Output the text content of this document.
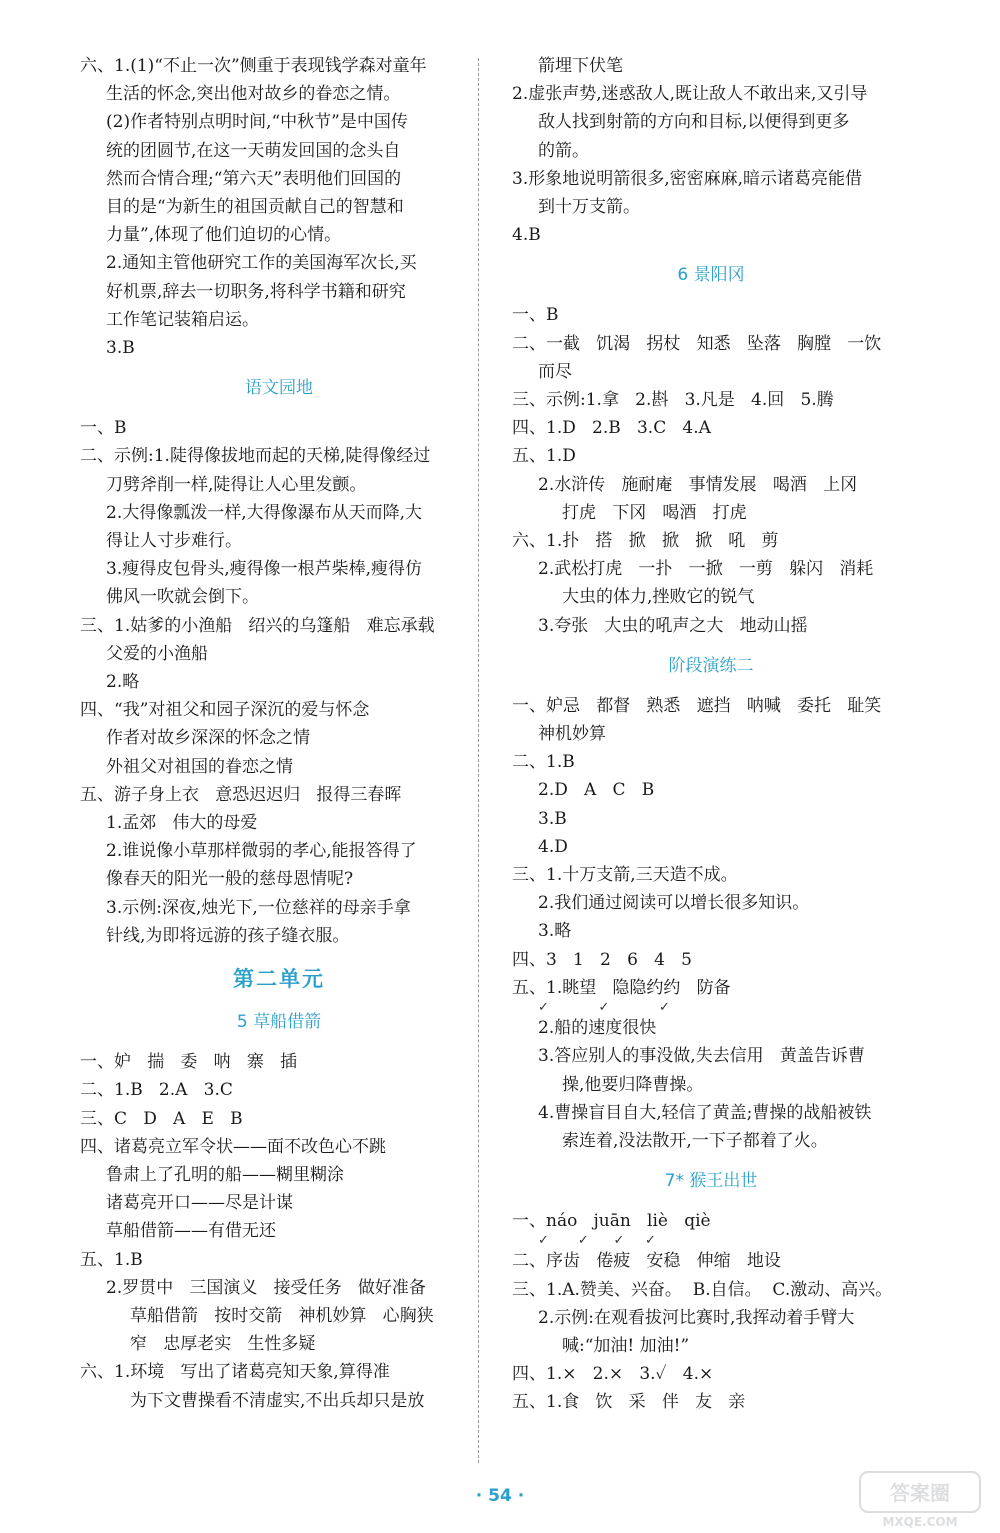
六、1.(1)“不止一次”侧重于表现钱学森对童年
生活的怀念,突出他对故乡的眷恋之情。
(2)作者特别点明时间,“中秋节”是中国传
统的团圆节,在这一天萌发回国的念头自
然而合情合理;“第六天”表明他们回国的
目的是“为新生的祖国贡献自己的智慧和
力量”,体现了他们迫切的心情。
2.通知主管他研究工作的美国海军次长,买
好机票,辞去一切职务,将科学书籍和研究
工作笔记装箱启运。
3.B
语文园地
一、B
二、示例:1.陡得像拔地而起的天梯,陡得像经过
刀劈斧削一样,陡得让人心里发颤。
2.大得像瓢泼一样,大得像瀑布从天而降,大
得让人寸步难行。
3.瘦得皮包骨头,瘦得像一根芦柴棒,瘦得仿
佛风一吹就会倒下。
三、1.姑爹的小渔船   绍兴的乌篷船   难忘承载
父爱的小渔船
2.略
四、“我”对祖父和园子深沉的爱与怀念
作者对故乡深深的怀念之情
外祖父对祖国的眷恋之情
五、游子身上衣   意恐迟迟归   报得三春晖
1.孟郊   伟大的母爱
2.谁说像小草那样微弱的孝心,能报答得了
像春天的阳光一般的慈母恩情呢?
3.示例:深夜,烛光下,一位慈祥的母亲手拿
针线,为即将远游的孩子缝衣服。
第二单元
5 草船借箭
一、妒   揣   委   呐   寨   插
二、1.B   2.A   3.C
三、C   D   A   E   B
四、诸葛亮立军令状——面不改色心不跳
鲁肃上了孔明的船——糊里糊涂
诸葛亮开口——尽是计谋
草船借箭——有借无还
五、1.B
2.罗贯中   三国演义   接受任务   做好准备
草船借箭   按时交箭   神机妙算   心胸狭
窄   忠厚老实   生性多疑
六、1.环境   写出了诸葛亮知天象,算得准
为下文曹操看不清虚实,不出兵却只是放
箭埋下伏笔
2.虚张声势,迷惑敌人,既让敌人不敢出来,又引导
敌人找到射箭的方向和目标,以便得到更多
的箭。
3.形象地说明箭很多,密密麻麻,暗示诸葛亮能借
到十万支箭。
4.B
6 景阳冈
一、B
二、一截   饥渴   拐杖   知悉   坠落   胸膛   一饮
而尽
三、示例:1.拿   2.斟   3.凡是   4.回   5.腾
四、1.D   2.B   3.C   4.A
五、1.D
2.水浒传   施耐庵   事情发展   喝酒   上冈
打虎   下冈   喝酒   打虎
六、1.扑   搭   掀   掀   掀   吼   剪
2.武松打虎   一扑   一掀   一剪   躲闪   消耗
大虫的体力,挫败它的锐气
3.夸张   大虫的吼声之大   地动山摇
阶段演练二
一、妒忌   都督   熟悉   遮挡   呐喊   委托   耻笑
神机妙算
二、1.B
2.D   A   C   B
3.B
4.D
三、1.十万支箭,三天造不成。
2.我们通过阅读可以增长很多知识。
3.略
四、3   1   2   6   4   5
五、1.眺望   隐隐约约   防备
✓            ✓            ✓
2.船的速度很快
3.答应别人的事没做,失去信用   黄盖告诉曹
操,他要归降曹操。
4.曹操盲目自大,轻信了黄盖;曹操的战船被铁
索连着,没法散开,一下子都着了火。
7* 猴王出世
一、náo   juān   liè   qiè
✓       ✓      ✓     ✓
二、序齿   倦疲   安稳   伸缩   地设
三、1.A.赞美、兴奋。  B.自信。  C.激动、高兴。
2.示例:在观看拔河比赛时,我挥动着手臂大
喊:“加油! 加油!”
四、1.×   2.×   3.✓   4.×
五、1.食   饮   采   伴   友   亲
· 54 ·	答案圈
MXQE.COM
